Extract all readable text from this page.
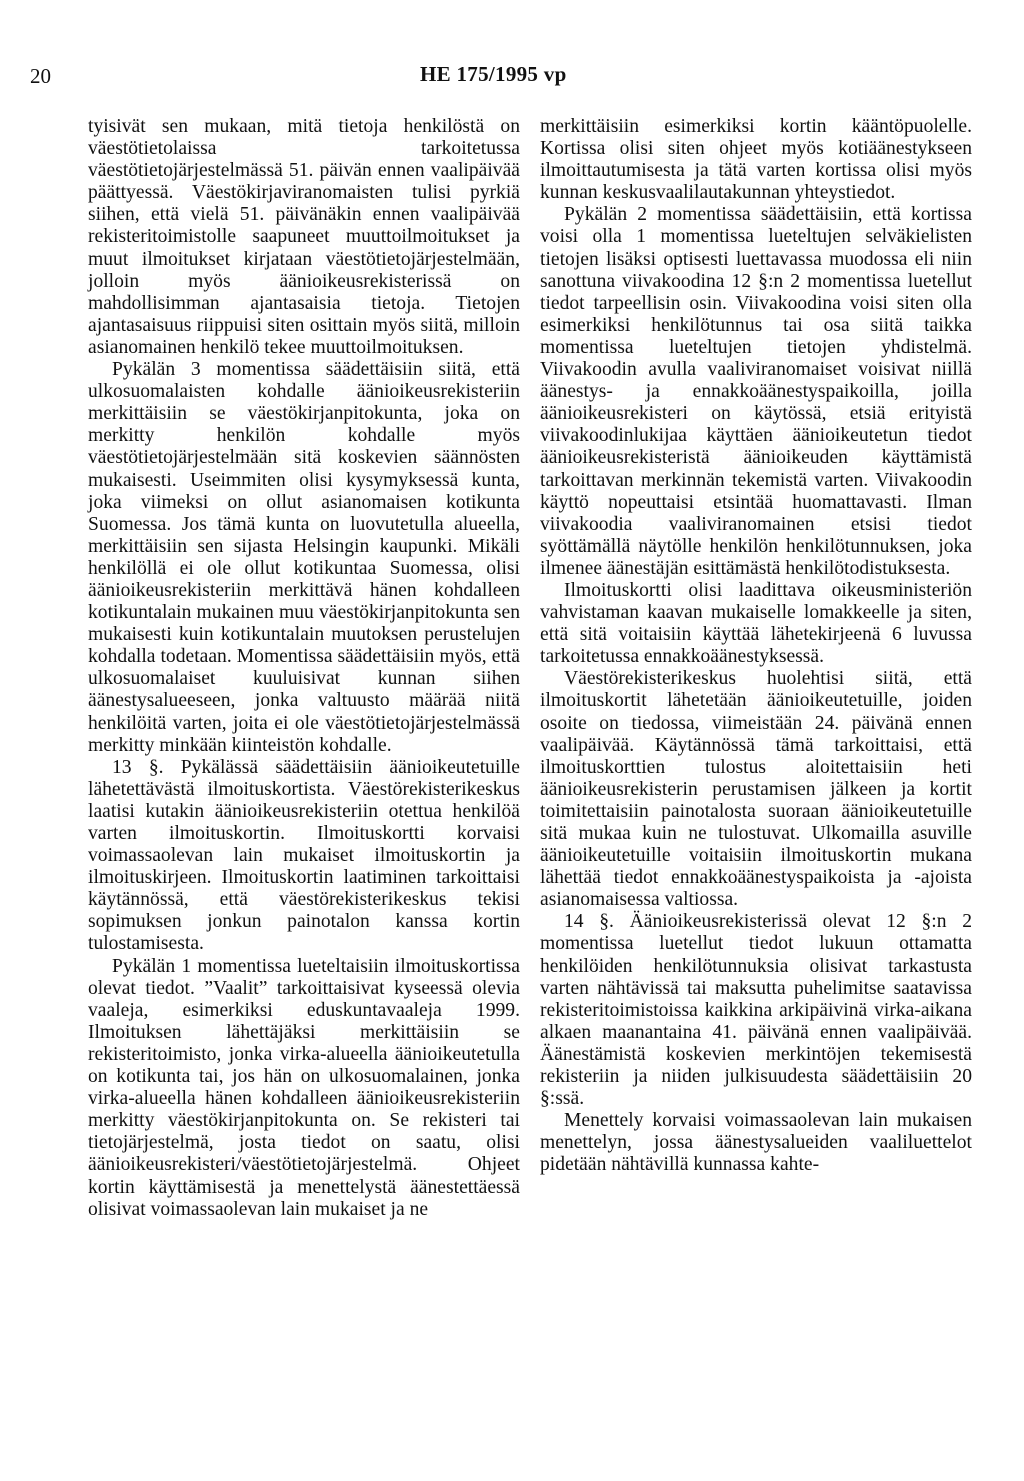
20	HE 175/1995 vp

tyisivät sen mukaan, mitä tietoja henkilöstä on väestötietolaissa tarkoitetussa väestötietojärjestelmässä 51. päivän ennen vaalipäivää päättyessä. Väestökirjaviranomaisten tulisi pyrkiä siihen, että vielä 51. päivänäkin ennen vaalipäivää rekisteritoimistolle saapuneet muuttoilmoitukset ja muut ilmoitukset kirjataan väestötietojärjestelmään, jolloin myös äänioikeusrekisterissä on mahdollisimman ajantasaisia tietoja. Tietojen ajantasaisuus riippuisi siten osittain myös siitä, milloin asianomainen henkilö tekee muuttoilmoituksen.

Pykälän 3 momentissa säädettäisiin siitä, että ulkosuomalaisten kohdalle äänioikeusrekisteriin merkittäisiin se väestökirjanpitokunta, joka on merkitty henkilön kohdalle myös väestötietojärjestelmään sitä koskevien säännösten mukaisesti. Useimmiten olisi kysymyksessä kunta, joka viimeksi on ollut asianomaisen kotikunta Suomessa. Jos tämä kunta on luovutetulla alueella, merkittäisiin sen sijasta Helsingin kaupunki. Mikäli henkilöllä ei ole ollut kotikuntaa Suomessa, olisi äänioikeusrekisteriin merkittävä hänen kohdalleen kotikuntalain mukainen muu väestökirjanpitokunta sen mukaisesti kuin kotikuntalain muutoksen perustelujen kohdalla todetaan. Momentissa säädettäisiin myös, että ulkosuomalaiset kuuluisivat kunnan siihen äänestysalueeseen, jonka valtuusto määrää niitä henkilöitä varten, joita ei ole väestötietojärjestelmässä merkitty minkään kiinteistön kohdalle.

13 §. Pykälässä säädettäisiin äänioikeutetuille lähetettävästä ilmoituskortista. Väestörekisterikeskus laatisi kutakin äänioikeusrekisteriin otettua henkilöä varten ilmoituskortin. Ilmoituskortti korvaisi voimassaolevan lain mukaiset ilmoituskortin ja ilmoituskirjeen. Ilmoituskortin laatiminen tarkoittaisi käytännössä, että väestörekisterikeskus tekisi sopimuksen jonkun painotalon kanssa kortin tulostamisesta.

Pykälän 1 momentissa lueteltaisiin ilmoituskortissa olevat tiedot. ”Vaalit” tarkoittaisivat kyseessä olevia vaaleja, esimerkiksi eduskuntavaaleja 1999. Ilmoituksen lähettäjäksi merkittäisiin se rekisteritoimisto, jonka virka-alueella äänioikeutetulla on kotikunta tai, jos hän on ulkosuomalainen, jonka virka-alueella hänen kohdalleen äänioikeusrekisteriin merkitty väestökirjanpitokunta on. Se rekisteri tai tietojärjestelmä, josta tiedot on saatu, olisi äänioikeusrekisteri/väestötietojärjestelmä. Ohjeet kortin käyttämisestä ja menettelystä äänestettäessä olisivat voimassaolevan lain mukaiset ja ne

merkittäisiin esimerkiksi kortin kääntöpuolelle. Kortissa olisi siten ohjeet myös kotiäänestykseen ilmoittautumisesta ja tätä varten kortissa olisi myös kunnan keskusvaalilautakunnan yhteystiedot.

Pykälän 2 momentissa säädettäisiin, että kortissa voisi olla 1 momentissa lueteltujen selväkielisten tietojen lisäksi optisesti luettavassa muodossa eli niin sanottuna viivakoodina 12 §:n 2 momentissa luetellut tiedot tarpeellisin osin. Viivakoodina voisi siten olla esimerkiksi henkilötunnus tai osa siitä taikka momentissa lueteltujen tietojen yhdistelmä. Viivakoodin avulla vaaliviranomaiset voisivat niillä äänestys- ja ennakkoäänestyspaikoilla, joilla äänioikeusrekisteri on käytössä, etsiä erityistä viivakoodinlukijaa käyttäen äänioikeutetun tiedot äänioikeusrekisteristä äänioikeuden käyttämistä tarkoittavan merkinnän tekemistä varten. Viivakoodin käyttö nopeuttaisi etsintää huomattavasti. Ilman viivakoodia vaaliviranomainen etsisi tiedot syöttämällä näytölle henkilön henkilötunnuksen, joka ilmenee äänestäjän esittämästä henkilötodistuksesta.

Ilmoituskortti olisi laadittava oikeusministeriön vahvistaman kaavan mukaiselle lomakkeelle ja siten, että sitä voitaisiin käyttää lähetekirjeenä 6 luvussa tarkoitetussa ennakkoäänestyksessä.

Väestörekisterikeskus huolehtisi siitä, että ilmoituskortit lähetetään äänioikeutetuille, joiden osoite on tiedossa, viimeistään 24. päivänä ennen vaalipäivää. Käytännössä tämä tarkoittaisi, että ilmoituskorttien tulostus aloitettaisiin heti äänioikeusrekisterin perustamisen jälkeen ja kortit toimitettaisiin painotalosta suoraan äänioikeutetuille sitä mukaa kuin ne tulostuvat. Ulkomailla asuville äänioikeutetuille voitaisiin ilmoituskortin mukana lähettää tiedot ennakkoäänestyspaikoista ja -ajoista asianomaisessa valtiossa.

14 §. Äänioikeusrekisterissä olevat 12 §:n 2 momentissa luetellut tiedot lukuun ottamatta henkilöiden henkilötunnuksia olisivat tarkastusta varten nähtävissä tai maksutta puhelimitse saatavissa rekisteritoimistoissa kaikkina arkipäivinä virka-aikana alkaen maanantaina 41. päivänä ennen vaalipäivää. Äänestämistä koskevien merkintöjen tekemisestä rekisteriin ja niiden julkisuudesta säädettäisiin 20 §:ssä.

Menettely korvaisi voimassaolevan lain mukaisen menettelyn, jossa äänestysalueiden vaaliluettelot pidetään nähtävillä kunnassa kahte-
